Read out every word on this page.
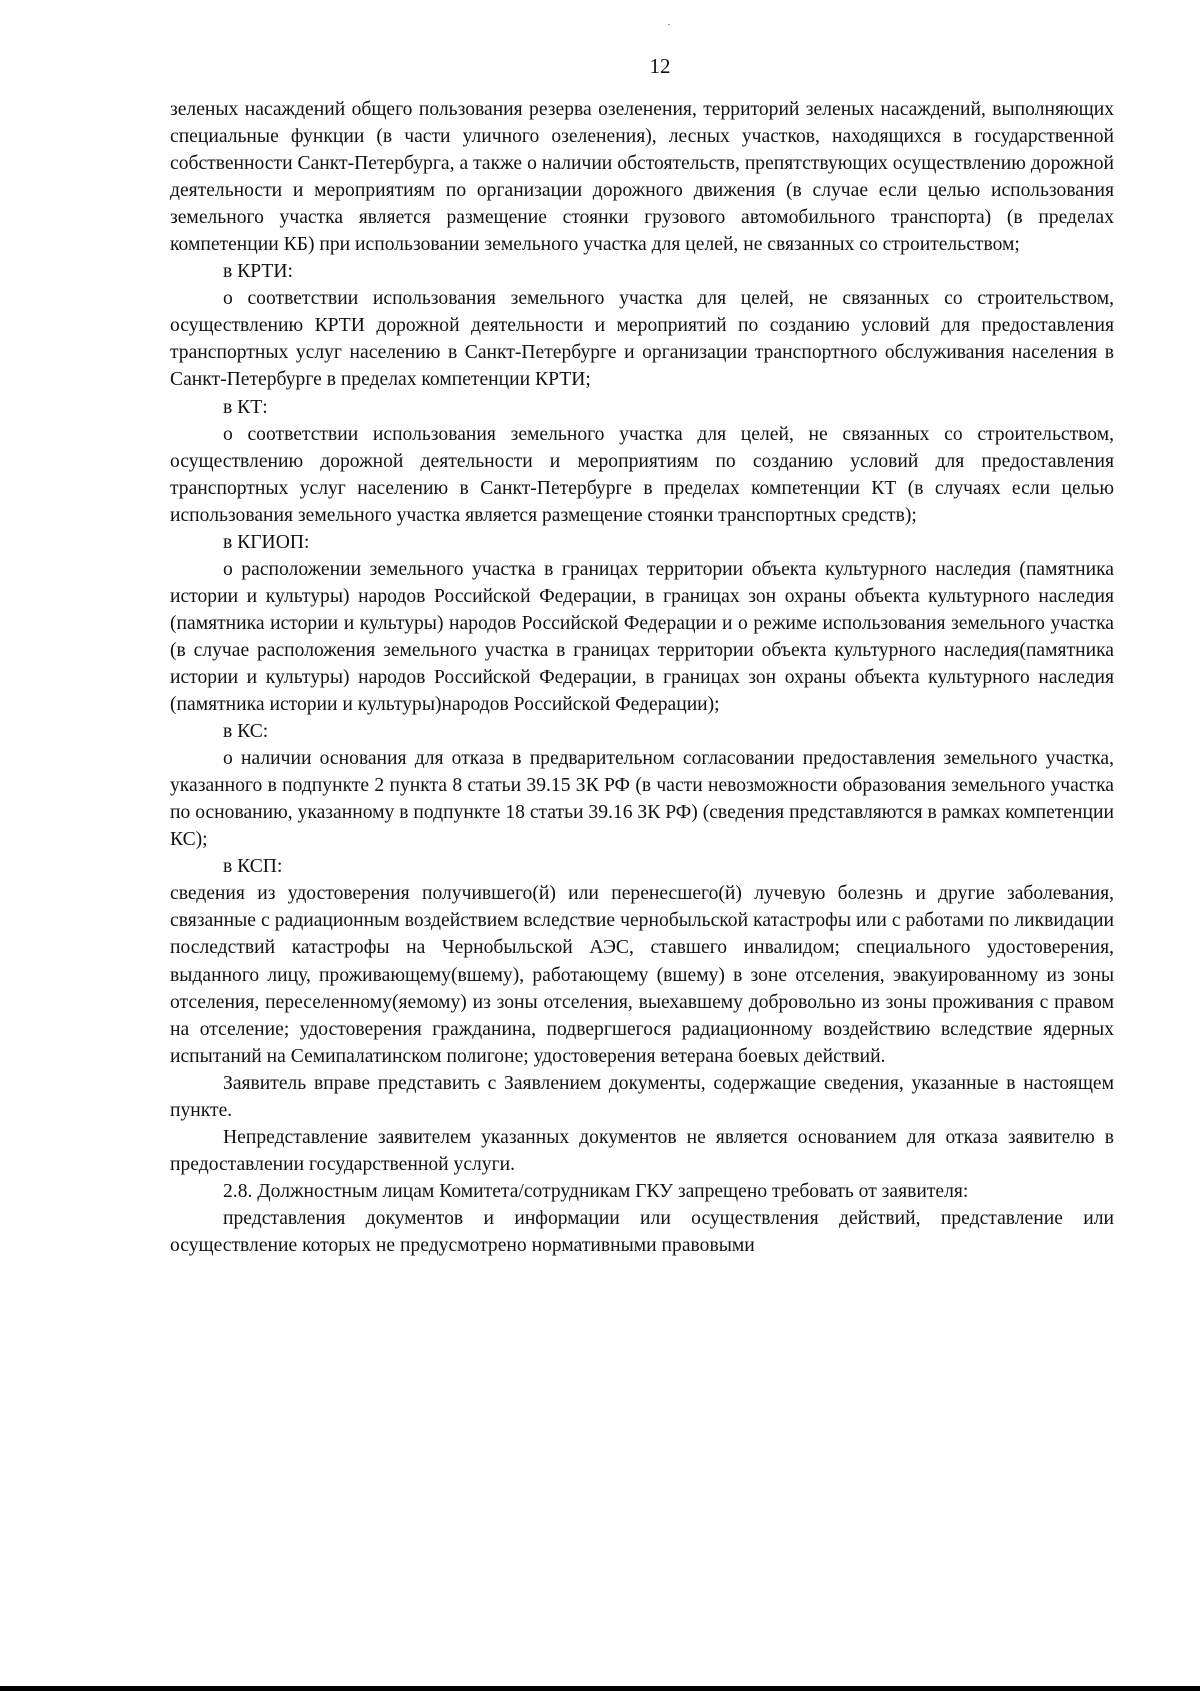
12

зеленых насаждений общего пользования резерва озеленения, территорий зеленых насаждений, выполняющих специальные функции (в части уличного озеленения), лесных участков, находящихся в государственной собственности Санкт-Петербурга, а также о наличии обстоятельств, препятствующих осуществлению дорожной деятельности и мероприятиям по организации дорожного движения (в случае если целью использования земельного участка является размещение стоянки грузового автомобильного транспорта) (в пределах компетенции КБ) при использовании земельного участка для целей, не связанных со строительством;

в КРТИ:

о соответствии использования земельного участка для целей, не связанных со строительством, осуществлению КРТИ дорожной деятельности и мероприятий по созданию условий для предоставления транспортных услуг населению в Санкт-Петербурге и организации транспортного обслуживания населения в Санкт-Петербурге в пределах компетенции КРТИ;

в КТ:

о соответствии использования земельного участка для целей, не связанных со строительством, осуществлению дорожной деятельности и мероприятиям по созданию условий для предоставления транспортных услуг населению в Санкт-Петербурге в пределах компетенции КТ (в случаях если целью использования земельного участка является размещение стоянки транспортных средств);

в КГИОП:

о расположении земельного участка в границах территории объекта культурного наследия (памятника истории и культуры) народов Российской Федерации, в границах зон охраны объекта культурного наследия (памятника истории и культуры) народов Российской Федерации и о режиме использования земельного участка (в случае расположения земельного участка в границах территории объекта культурного наследия(памятника истории и культуры) народов Российской Федерации, в границах зон охраны объекта культурного наследия (памятника истории и культуры)народов Российской Федерации);

в КС:

о наличии основания для отказа в предварительном согласовании предоставления земельного участка, указанного в подпункте 2 пункта 8 статьи 39.15 ЗК РФ (в части невозможности образования земельного участка по основанию, указанному в подпункте 18 статьи 39.16 ЗК РФ) (сведения представляются в рамках компетенции КС);

в КСП:

сведения из удостоверения получившего(й) или перенесшего(й) лучевую болезнь и другие заболевания, связанные с радиационным воздействием вследствие чернобыльской катастрофы или с работами по ликвидации последствий катастрофы на Чернобыльской АЭС, ставшего инвалидом; специального удостоверения, выданного лицу, проживающему(вшему), работающему (вшему) в зоне отселения, эвакуированному из зоны отселения, переселенному(яемому) из зоны отселения, выехавшему добровольно из зоны проживания с правом на отселение; удостоверения гражданина, подвергшегося радиационному воздействию вследствие ядерных испытаний на Семипалатинском полигоне; удостоверения ветерана боевых действий.

Заявитель вправе представить с Заявлением документы, содержащие сведения, указанные в настоящем пункте.

Непредставление заявителем указанных документов не является основанием для отказа заявителю в предоставлении государственной услуги.

2.8. Должностным лицам Комитета/сотрудникам ГКУ запрещено требовать от заявителя:

представления документов и информации или осуществления действий, представление или осуществление которых не предусмотрено нормативными правовыми
